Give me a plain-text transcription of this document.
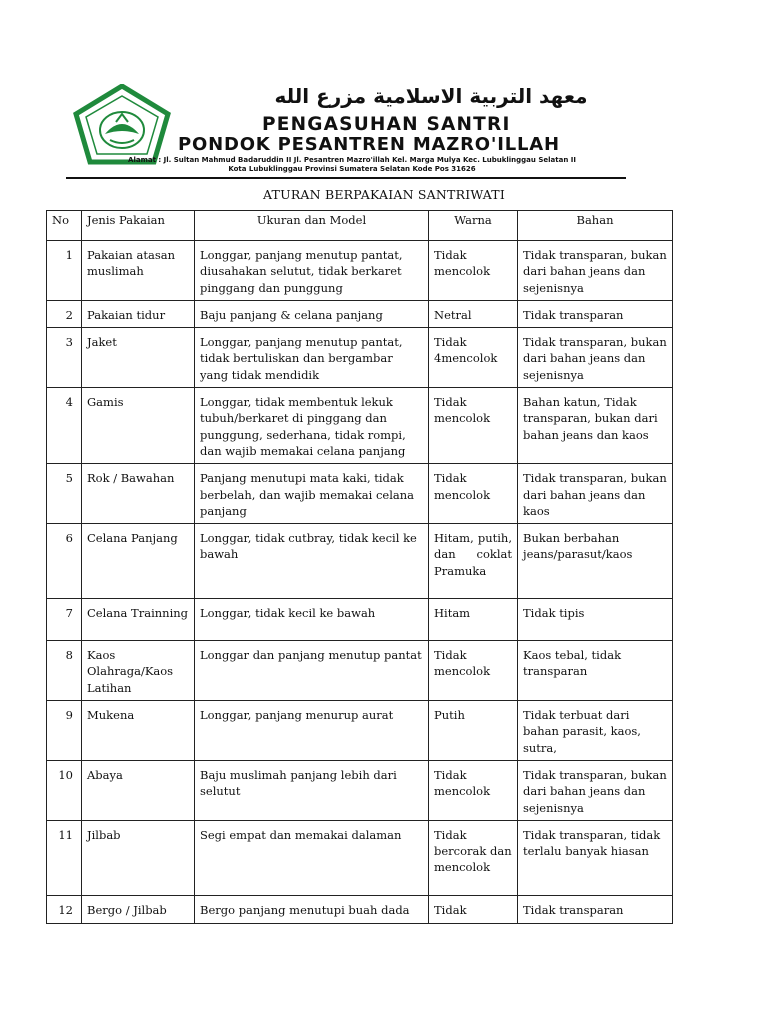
معهد التربية الاسلامية مزرع الله
PENGASUHAN SANTRI
PONDOK PESANTREN MAZRO'ILLAH
Alamat : Jl. Sultan Mahmud Badaruddin II Jl. Pesantren Mazro'illah Kel. Marga Mulya Kec. Lubuklinggau Selatan II
Kota Lubuklinggau Provinsi Sumatera Selatan Kode Pos 31626
ATURAN BERPAKAIAN SANTRIWATI
No	Jenis Pakaian	Ukuran dan Model	Warna	Bahan
1	Pakaian atasan muslimah	Longgar, panjang menutup pantat, diusahakan selutut, tidak berkaret pinggang dan punggung	Tidak mencolok	Tidak transparan, bukan dari bahan jeans dan sejenisnya
2	Pakaian tidur	Baju panjang & celana panjang	Netral	Tidak transparan
3	Jaket	Longgar, panjang menutup pantat, tidak bertuliskan dan bergambar yang tidak mendidik	Tidak 4mencolok	Tidak transparan, bukan dari bahan jeans dan sejenisnya
4	Gamis	Longgar, tidak membentuk lekuk tubuh/berkaret di pinggang dan punggung, sederhana, tidak rompi, dan wajib memakai celana panjang	Tidak mencolok	Bahan katun, Tidak transparan, bukan dari bahan jeans dan kaos
5	Rok / Bawahan	Panjang menutupi mata kaki, tidak berbelah, dan wajib memakai celana panjang	Tidak mencolok	Tidak transparan, bukan dari bahan jeans dan kaos
6	Celana Panjang	Longgar, tidak cutbray, tidak kecil ke bawah	Hitam, putih, dan coklat Pramuka	Bukan berbahan jeans/parasut/kaos
7	Celana Trainning	Longgar, tidak kecil ke bawah	Hitam	Tidak tipis
8	Kaos Olahraga/Kaos Latihan	Longgar dan panjang menutup pantat	Tidak mencolok	Kaos tebal, tidak transparan
9	Mukena	Longgar, panjang menurup aurat	Putih	Tidak terbuat dari bahan parasit, kaos, sutra,
10	Abaya	Baju muslimah panjang lebih dari selutut	Tidak mencolok	Tidak transparan, bukan dari bahan jeans dan sejenisnya
11	Jilbab	Segi empat dan memakai dalaman	Tidak bercorak dan mencolok	Tidak transparan, tidak terlalu banyak hiasan
12	Bergo / Jilbab	Bergo panjang menutupi buah dada	Tidak	Tidak transparan
